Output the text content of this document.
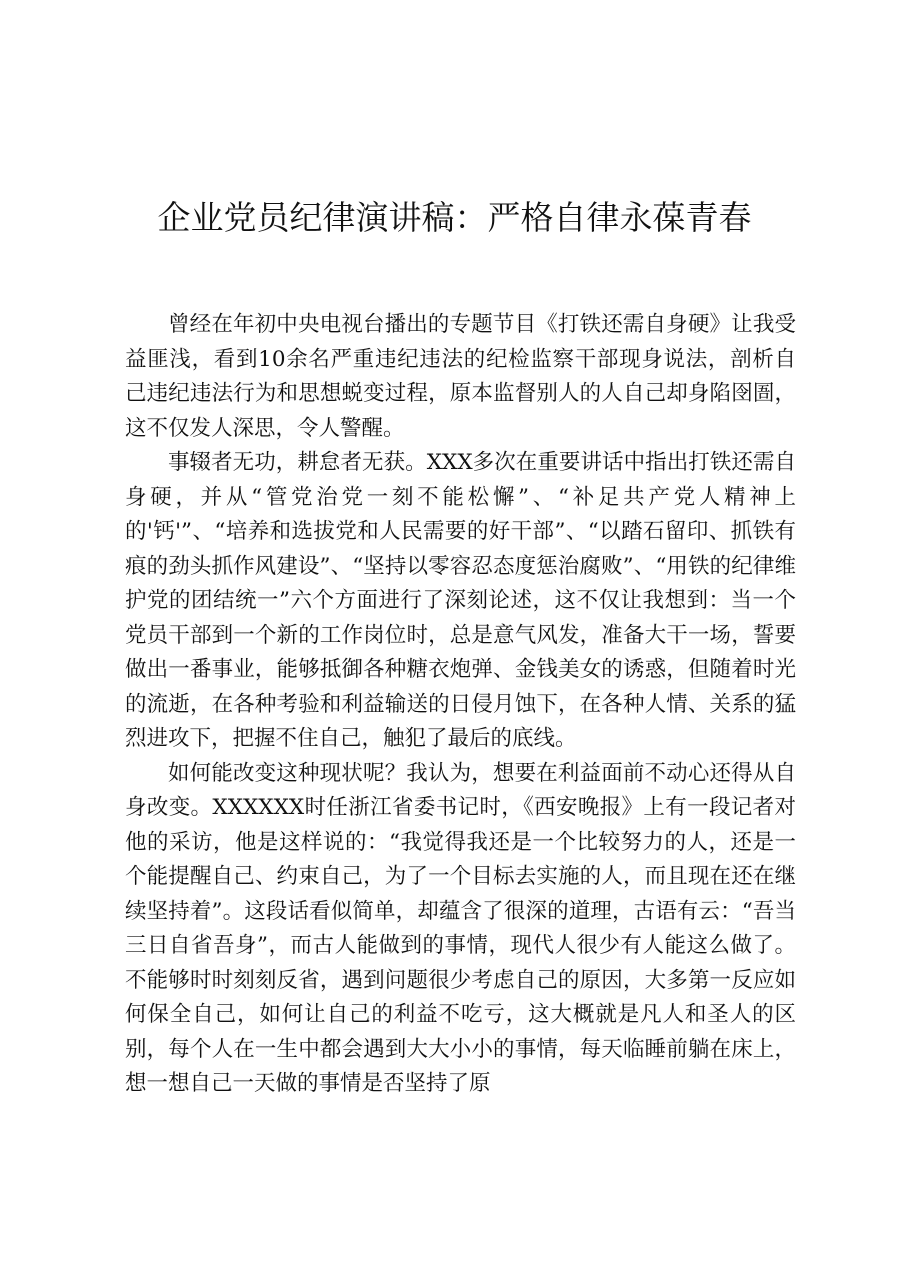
企业党员纪律演讲稿：严格自律永葆青春

曾经在年初中央电视台播出的专题节目《打铁还需自身硬》让我受益匪浅，看到10余名严重违纪违法的纪检监察干部现身说法，剖析自己违纪违法行为和思想蜕变过程，原本监督别人的人自己却身陷囹圄，这不仅发人深思，令人警醒。

事辍者无功，耕怠者无获。XXX多次在重要讲话中指出打铁还需自身硬，并从“管党治党一刻不能松懈”、“补足共产党人精神上的'钙'”、“培养和选拔党和人民需要的好干部”、“以踏石留印、抓铁有痕的劲头抓作风建设”、“坚持以零容忍态度惩治腐败”、“用铁的纪律维护党的团结统一”六个方面进行了深刻论述，这不仅让我想到：当一个党员干部到一个新的工作岗位时，总是意气风发，准备大干一场，誓要做出一番事业，能够抵御各种糖衣炮弹、金钱美女的诱惑，但随着时光的流逝，在各种考验和利益输送的日侵月蚀下，在各种人情、关系的猛烈进攻下，把握不住自己，触犯了最后的底线。

如何能改变这种现状呢？我认为，想要在利益面前不动心还得从自身改变。XXXXXX时任浙江省委书记时，《西安晚报》上有一段记者对他的采访，他是这样说的：“我觉得我还是一个比较努力的人，还是一个能提醒自己、约束自己，为了一个目标去实施的人，而且现在还在继续坚持着”。这段话看似简单，却蕴含了很深的道理，古语有云：“吾当三日自省吾身”，而古人能做到的事情，现代人很少有人能这么做了。不能够时时刻刻反省，遇到问题很少考虑自己的原因，大多第一反应如何保全自己，如何让自己的利益不吃亏，这大概就是凡人和圣人的区别，每个人在一生中都会遇到大大小小的事情，每天临睡前躺在床上，想一想自己一天做的事情是否坚持了原
